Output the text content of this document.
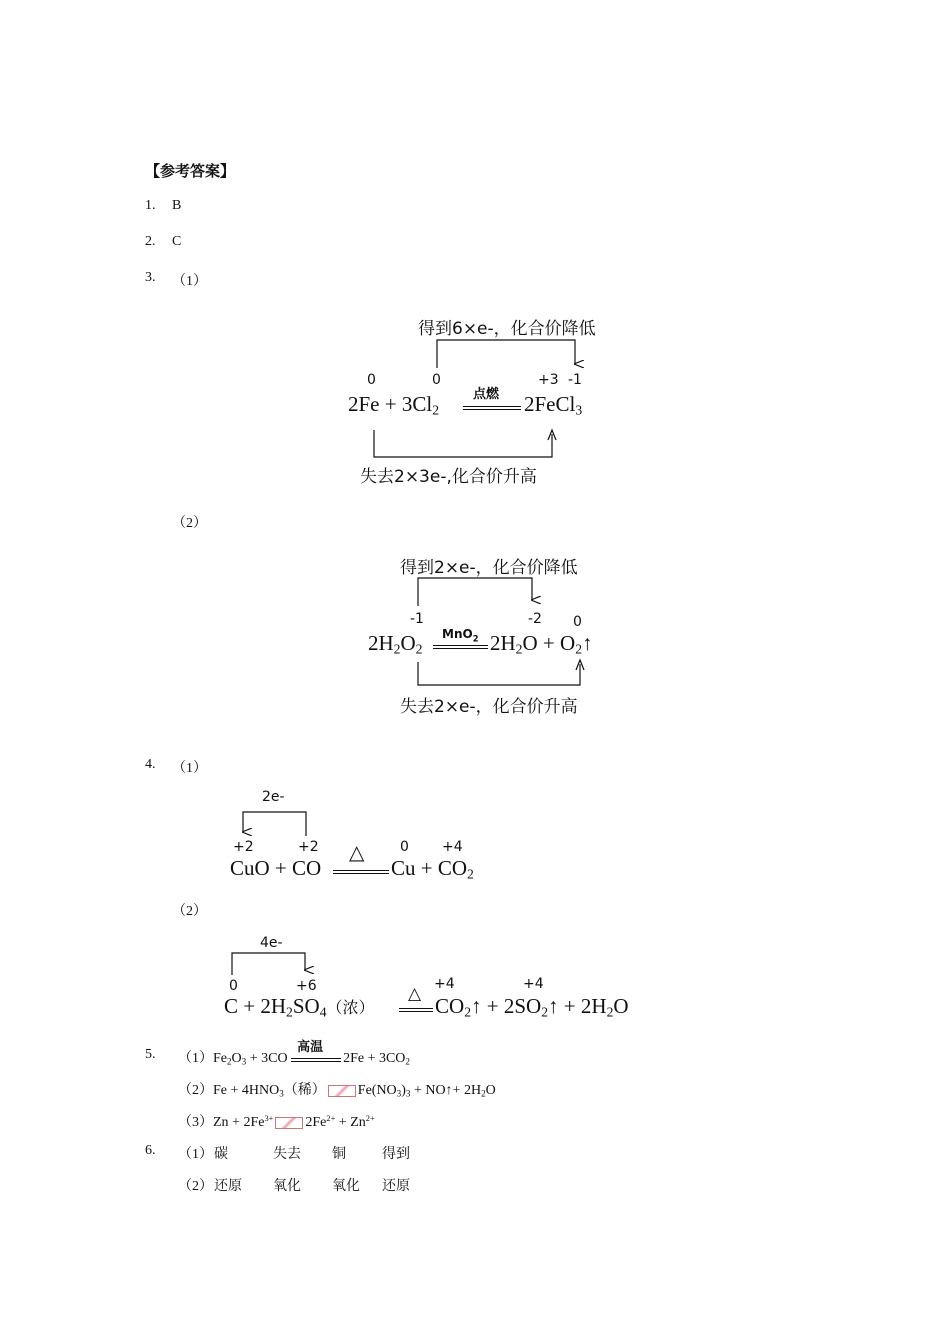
【参考答案】
1. B
2. C
3. （1）
得到6×e-，化合价降低
0	0	+3 -1
$2Fe + 3Cl_2$
点燃 2FeCl$_3$
失去2×3e-,化合价升高
（2）
得到2×e-，化合价降低
-1	-2 0
$2H_2O_2$
MnO$_2$ $2H_2O$ + $O_2↑$
失去2×e-，化合价升高
4. （1）
2e-
+2	+2	0 +4
CuO + CO
△
$Cu + CO_2$
（2）
4e-
0	+6	+4	+4
$C + 2H_2SO_4$（浓）
△ $CO_2↑$ + $2SO_2↑ + 2H_2O$
5. $(1)Fe_2O_3 + 3CO$
高温
$2Fe + 3CO_2$
$(2)Fe + 4HNO_3$（稀） $Fe(NO_3)_3$ + NO↑+ $2H_2O$
$(3)Zn + 2Fe^{3+}$ $2Fe^{2+} + Zn^{2+}$
6. （1） 碳	失去 铜	得到
（2） 还原 氧化 氧化 还原
